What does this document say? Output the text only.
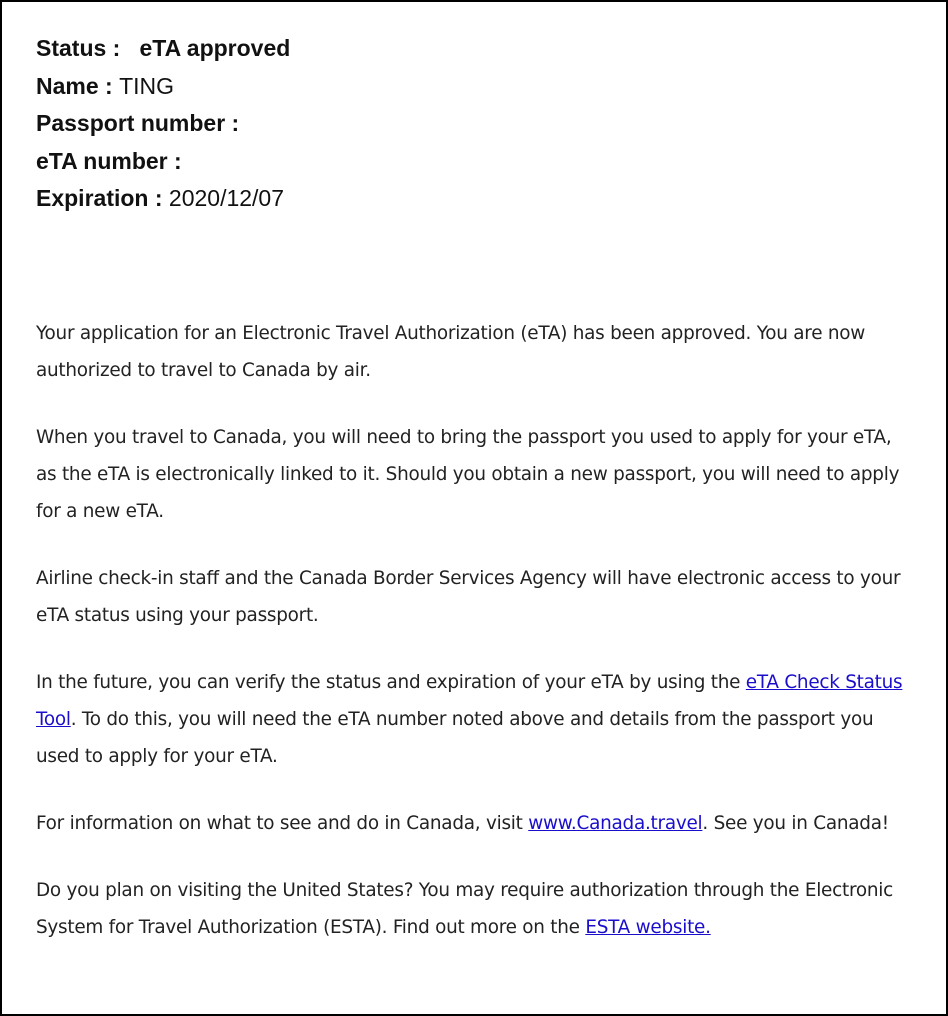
Status : eTA approved
Name : TING
Passport number :
eTA number :
Expiration : 2020/12/07

Your application for an Electronic Travel Authorization (eTA) has been approved. You are now authorized to travel to Canada by air.

When you travel to Canada, you will need to bring the passport you used to apply for your eTA, as the eTA is electronically linked to it. Should you obtain a new passport, you will need to apply for a new eTA.

Airline check-in staff and the Canada Border Services Agency will have electronic access to your eTA status using your passport.

In the future, you can verify the status and expiration of your eTA by using the eTA Check Status Tool. To do this, you will need the eTA number noted above and details from the passport you used to apply for your eTA.

For information on what to see and do in Canada, visit www.Canada.travel. See you in Canada!

Do you plan on visiting the United States? You may require authorization through the Electronic System for Travel Authorization (ESTA). Find out more on the ESTA website.
